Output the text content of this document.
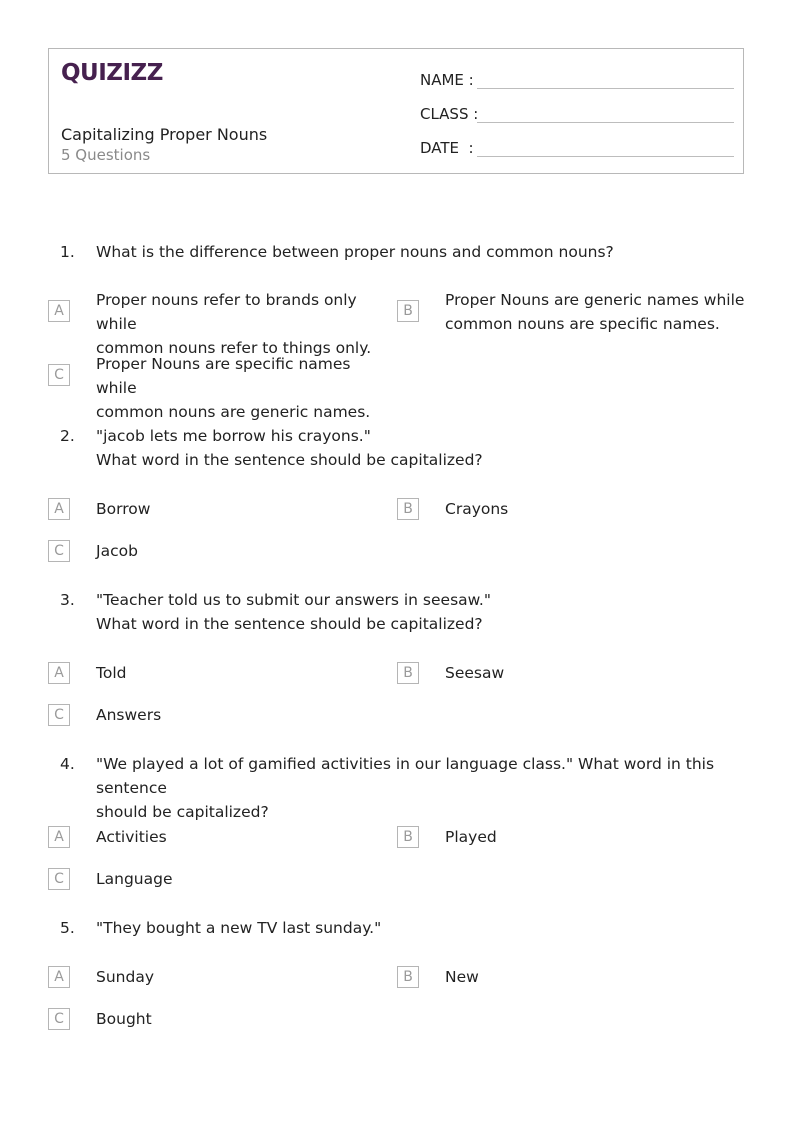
QUIZIZZ
Capitalizing Proper Nouns
5 Questions
NAME :
CLASS :
DATE  :
1. What is the difference between proper nouns and common nouns?
A
Proper nouns refer to brands only while
common nouns refer to things only.
B
Proper Nouns are generic names while
common nouns are specific names.
C
Proper Nouns are specific names while
common nouns are generic names.
2. "jacob lets me borrow his crayons."
What word in the sentence should be capitalized?
A	Borrow	B	Crayons
C	Jacob
3. "Teacher told us to submit our answers in seesaw."
What word in the sentence should be capitalized?
A	Told	B	Seesaw
C	Answers
4. "We played a lot of gamified activities in our language class." What word in this sentence
should be capitalized?
A	Activities	B	Played
C	Language
5. "They bought a new TV last sunday."
A	Sunday	B	New
C	Bought
